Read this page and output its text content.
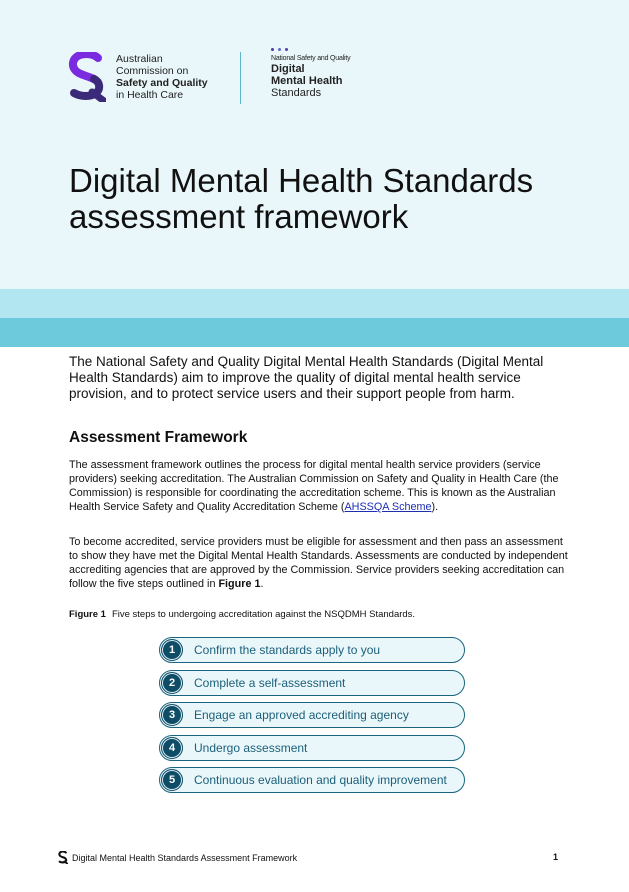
Australian
Commission on
Safety and Quality
in Health Care
National Safety and Quality
Digital
Mental Health
Standards
Digital Mental Health Standards
assessment framework

The National Safety and Quality Digital Mental Health Standards (Digital Mental Health Standards) aim to improve the quality of digital mental health service provision, and to protect service users and their support people from harm.

Assessment Framework

The assessment framework outlines the process for digital mental health service providers (service providers) seeking accreditation. The Australian Commission on Safety and Quality in Health Care (the Commission) is responsible for coordinating the accreditation scheme. This is known as the Australian Health Service Safety and Quality Accreditation Scheme (AHSSQA Scheme).

To become accredited, service providers must be eligible for assessment and then pass an assessment to show they have met the Digital Mental Health Standards. Assessments are conducted by independent accrediting agencies that are approved by the Commission. Service providers seeking accreditation can follow the five steps outlined in Figure 1.

Figure 1 Five steps to undergoing accreditation against the NSQDMH Standards.
1	Confirm the standards apply to you
2	Complete a self-assessment
3	Engage an approved accrediting agency
4	Undergo assessment
5	Continuous evaluation and quality improvement
Digital Mental Health Standards Assessment Framework	1
